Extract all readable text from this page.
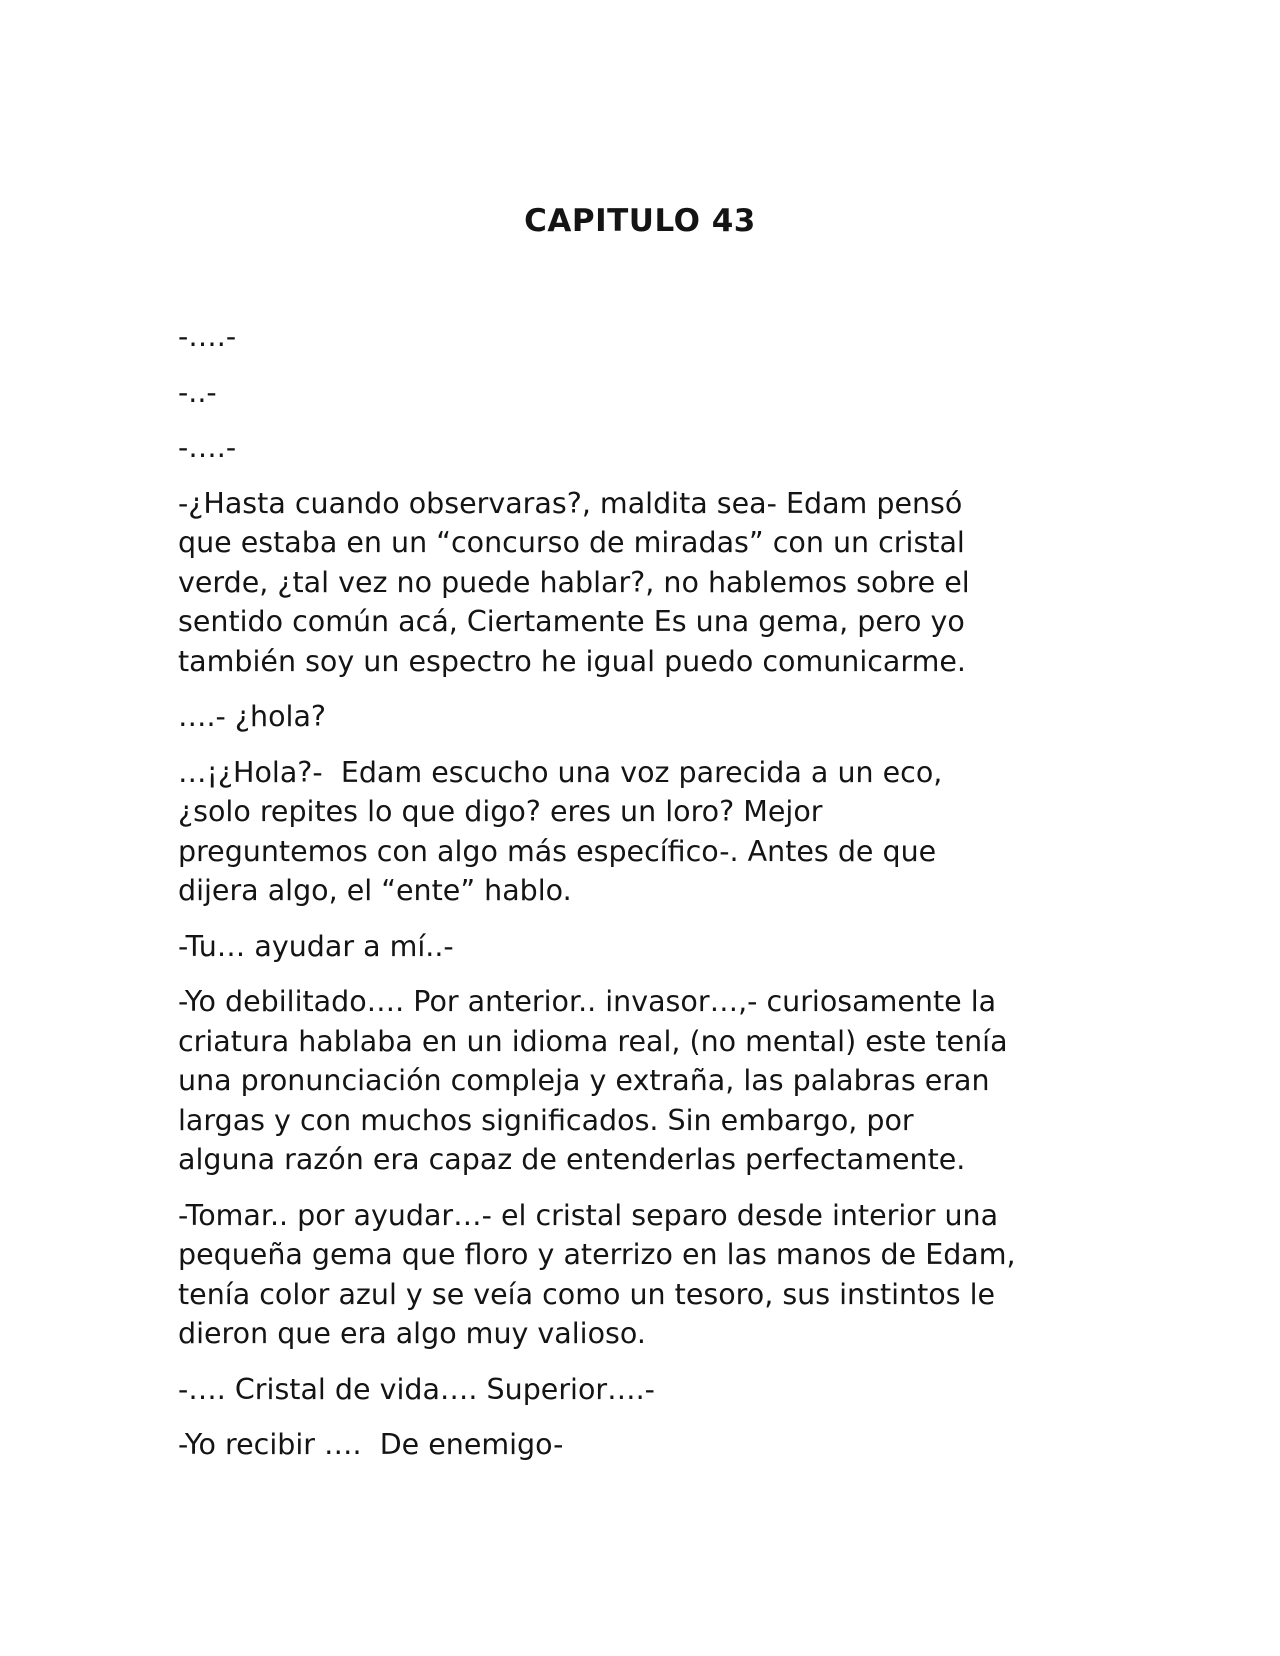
CAPITULO 43

-….-

-..-

-….-

-¿Hasta cuando observaras?, maldita sea- Edam pensó
que estaba en un “concurso de miradas” con un cristal
verde, ¿tal vez no puede hablar?, no hablemos sobre el
sentido común acá, Ciertamente Es una gema, pero yo
también soy un espectro he igual puedo comunicarme.

….- ¿hola?

…¡¿Hola?-  Edam escucho una voz parecida a un eco,
¿solo repites lo que digo? eres un loro? Mejor
preguntemos con algo más específico-. Antes de que
dijera algo, el “ente” hablo.

-Tu… ayudar a mí..-

-Yo debilitado…. Por anterior.. invasor…,- curiosamente la
criatura hablaba en un idioma real, (no mental) este tenía
una pronunciación compleja y extraña, las palabras eran
largas y con muchos significados. Sin embargo, por
alguna razón era capaz de entenderlas perfectamente.

-Tomar.. por ayudar…- el cristal separo desde interior una
pequeña gema que floro y aterrizo en las manos de Edam,
tenía color azul y se veía como un tesoro, sus instintos le
dieron que era algo muy valioso.

-…. Cristal de vida…. Superior….-

-Yo recibir ….  De enemigo-
